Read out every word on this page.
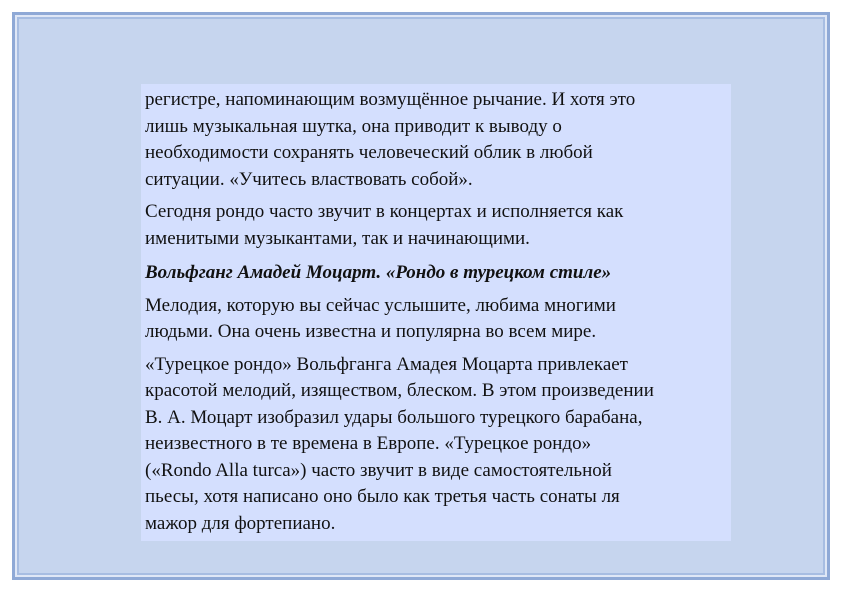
регистре, напоминающим возмущённое рычание. И хотя это
лишь музыкальная шутка, она приводит к выводу о
необходимости сохранять человеческий облик в любой
ситуации. «Учитесь властвовать собой».

Сегодня рондо часто звучит в концертах и исполняется как
именитыми музыкантами, так и начинающими.

Вольфганг Амадей Моцарт. «Рондо в турецком стиле»

Мелодия, которую вы сейчас услышите, любима многими
людьми. Она очень известна и популярна во всем мире.

«Турецкое рондо» Вольфганга Амадея Моцарта привлекает
красотой мелодий, изяществом, блеском. В этом произведении
В. А. Моцарт изобразил удары большого турецкого барабана,
неизвестного в те времена в Европе. «Турецкое рондо»
(«Rondo Alla turca») часто звучит в виде самостоятельной
пьесы, хотя написано оно было как третья часть сонаты ля
мажор для фортепиано.
